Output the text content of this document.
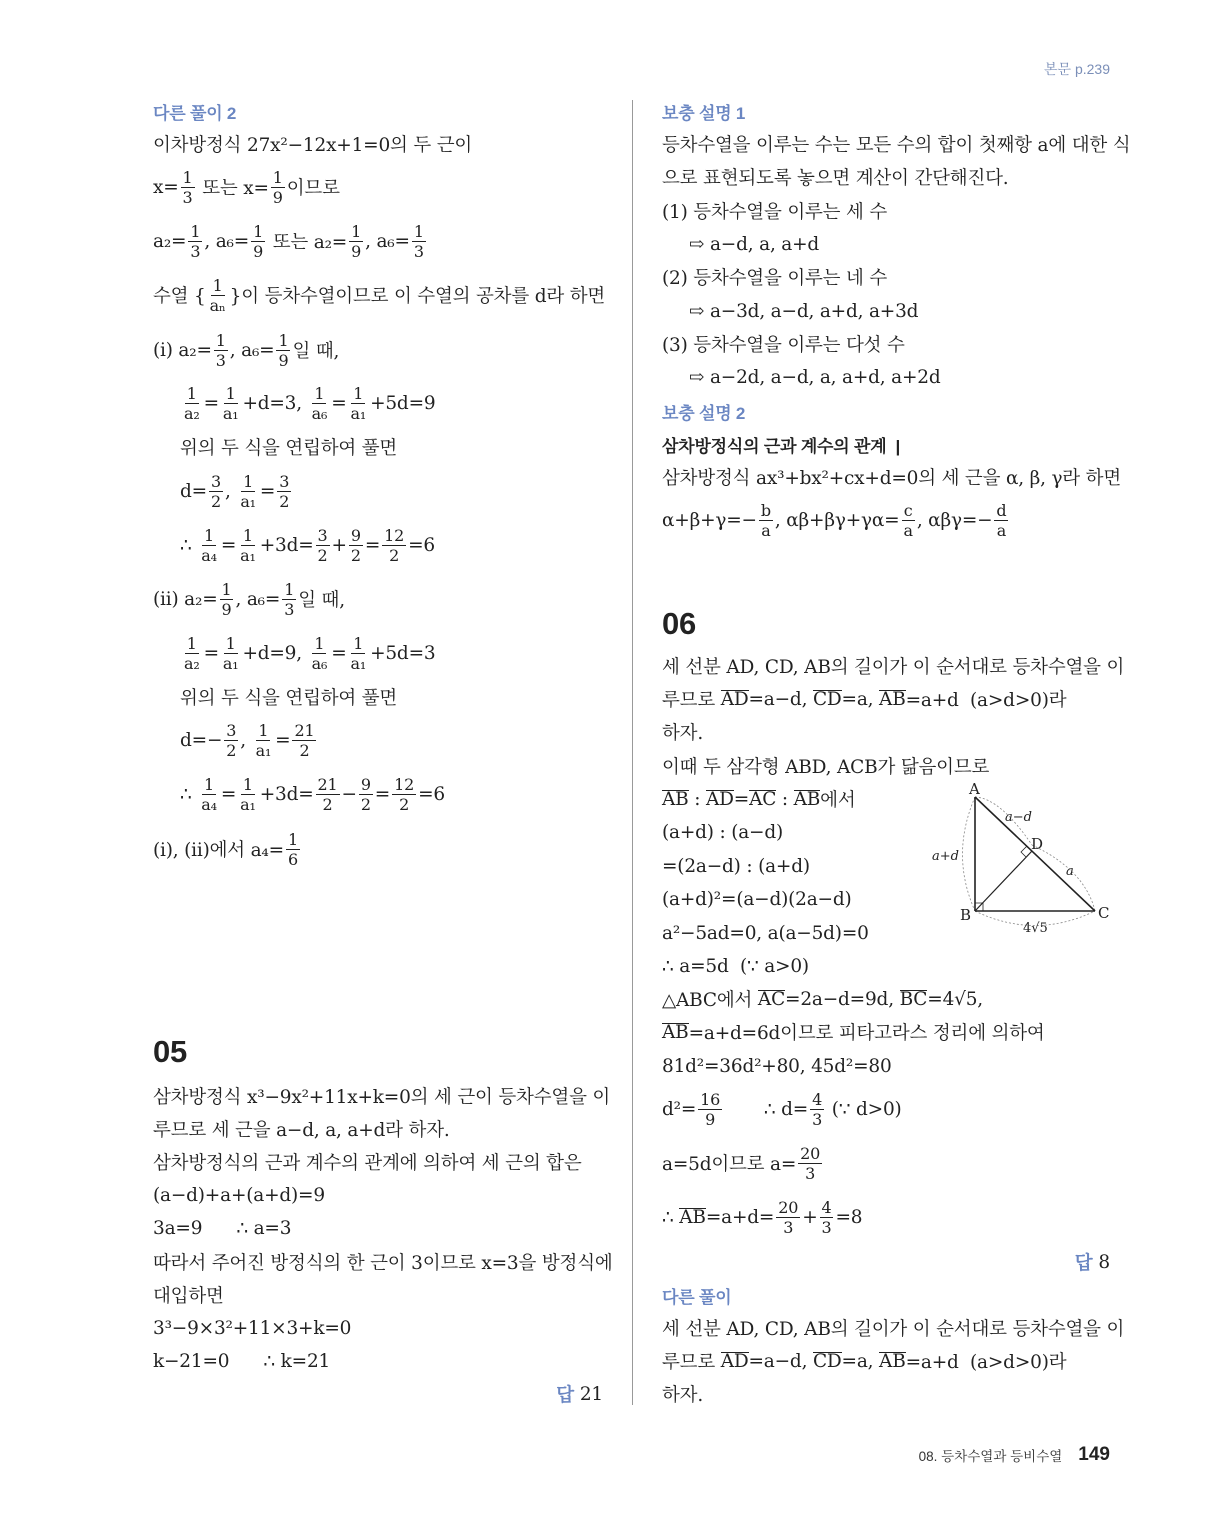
본문 p.239
다른 풀이 2
이차방정식 27x²−12x+1=0의 두 근이
$x= \frac{1}{3}$ 또는 $x= \frac{1}{9}$ 이므로
$a_2= \frac{1}{3}$ , $a_6= \frac{1}{9}$ 또는 $a_2= \frac{1}{9}$ , $a_6= \frac{1}{3}$
수열 { $\frac{1}{\text{aₙ}}$ }이 등차수열이므로 이 수열의 공차를 d라 하면
(i) $a_2= \frac{1}{3}$ , $a_6= \frac{1}{9}$ 일 때,
$\frac{1}{\text{a₂}} = \frac{1}{\text{a₁}} +d=3$, $\frac{1}{\text{a₆}} = \frac{1}{\text{a₁}} +5d=9$
위의 두 식을 연립하여 풀면
$d= \frac{3}{2}$ , $\frac{1}{\text{a₁}} = \frac{3}{2}$
∴ $\frac{1}{\text{a₄}} = \frac{1}{\text{a₁}} +3d= \frac{3}{2} + \frac{9}{2} = \frac{12}{2} =6$
(ii) $a_2= \frac{1}{9}$ , $a_6= \frac{1}{3}$ 일 때,
$\frac{1}{\text{a₂}} = \frac{1}{\text{a₁}} +d=9$, $\frac{1}{\text{a₆}} = \frac{1}{\text{a₁}} +5d=3$
위의 두 식을 연립하여 풀면
$d=- \frac{3}{2}$ , $\frac{1}{\text{a₁}} = \frac{21}{2}$
∴ $\frac{1}{\text{a₄}} = \frac{1}{\text{a₁}} +3d= \frac{21}{2} - \frac{9}{2} = \frac{12}{2} =6$
(i), (ii)에서 $a_4= \frac{1}{6}$
05
삼차방정식 x³−9x²+11x+k=0의 세 근이 등차수열을 이
루므로 세 근을 a−d, a, a+d라 하자.
삼차방정식의 근과 계수의 관계에 의하여 세 근의 합은
(a−d)+a+(a+d)=9
3a=9      ∴ a=3
따라서 주어진 방정식의 한 근이 3이므로 x=3을 방정식에
대입하면
3³−9×3²+11×3+k=0
k−21=0      ∴ k=21
답 21
보충 설명 1
등차수열을 이루는 수는 모든 수의 합이 첫째항 a에 대한 식
으로 표현되도록 놓으면 계산이 간단해진다.
(1) 등차수열을 이루는 세 수
⇨ a−d, a, a+d
(2) 등차수열을 이루는 네 수
⇨ a−3d, a−d, a+d, a+3d
(3) 등차수열을 이루는 다섯 수
⇨ a−2d, a−d, a, a+d, a+2d
보충 설명 2
삼차방정식의 근과 계수의 관계  |
삼차방정식 ax³+bx²+cx+d=0의 세 근을 α, β, γ라 하면
$\alpha+\beta+\gamma=- \frac{b}{a}$ , $\alpha\beta+\beta\gamma+\gamma\alpha= \frac{c}{a}$ , $\alpha\beta\gamma=- \frac{d}{a}$
06
세 선분 AD, CD, AB의 길이가 이 순서대로 등차수열을 이
루므로 AD =a−d, CD =a, AB =a+d  (a>d>0)라
하자.
이때 두 삼각형 ABD, ACB가 닮음이므로
AB : AD = AC : AB 에서
(a+d) : (a−d)
=(2a−d) : (a+d)
(a+d)²=(a−d)(2a−d)
a²−5ad=0, a(a−5d)=0
∴ a=5d  (∵ a>0)
△ABC에서 AC =2a−d=9d, BC =4√5,
AB =a+d=6d이므로 피타고라스 정리에 의하여
81d²=36d²+80, 45d²=80
$d^2= \frac{16}{9}$ ∴ $d= \frac{4}{3}$ (∵ d>0)
a=5d이므로 $a= \frac{20}{3}$
∴ AB $=a+d= \frac{20}{3} + \frac{4}{3} =8$
답 8
다른 풀이
세 선분 AD, CD, AB의 길이가 이 순서대로 등차수열을 이
루므로 AD =a−d, CD =a, AB =a+d  (a>d>0)라
하자.
A
B	C
D
a−d
a
a+d
4√5
08. 등차수열과 등비수열 149
